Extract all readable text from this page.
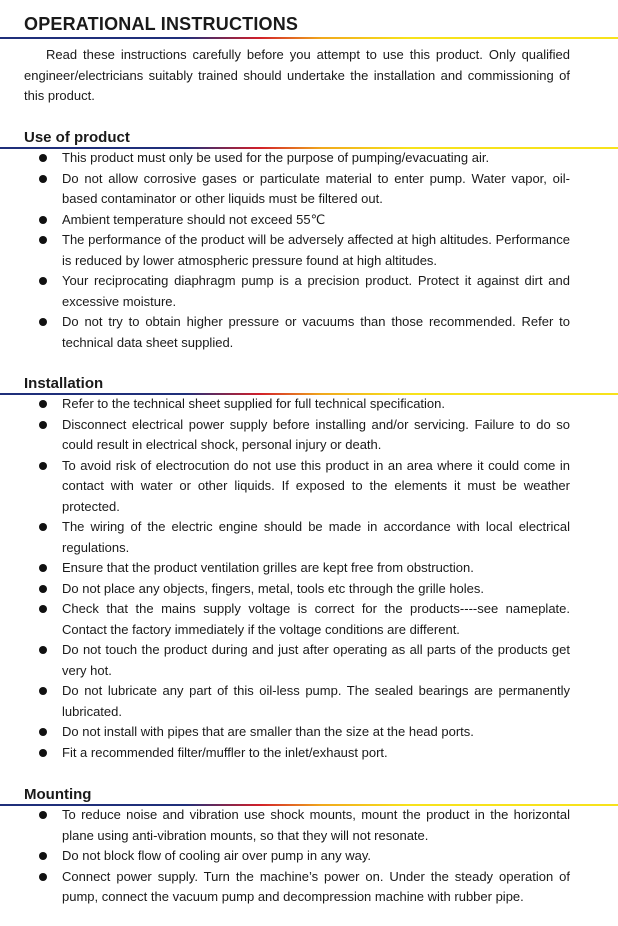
OPERATIONAL INSTRUCTIONS

Read these instructions carefully before you attempt to use this product. Only qualified engineer/electricians suitably trained should undertake the installation and commissioning of this product.

Use of product
This product must only be used for the purpose of pumping/evacuating air.
Do not allow corrosive gases or particulate material to enter pump. Water vapor, oil-based contaminator or other liquids must be filtered out.
Ambient temperature should not exceed 55℃
The performance of the product will be adversely affected at high altitudes. Performance is reduced by lower atmospheric pressure found at high altitudes.
Your reciprocating diaphragm pump is a precision product. Protect it against dirt and excessive moisture.
Do not try to obtain higher pressure or vacuums than those recommended. Refer to technical data sheet supplied.
Installation
Refer to the technical sheet supplied for full technical specification.
Disconnect electrical power supply before installing and/or servicing. Failure to do so could result in electrical shock, personal injury or death.
To avoid risk of electrocution do not use this product in an area where it could come in contact with water or other liquids. If exposed to the elements it must be weather protected.
The wiring of the electric engine should be made in accordance with local electrical regulations.
Ensure that the product ventilation grilles are kept free from obstruction.
Do not place any objects, fingers, metal, tools etc through the grille holes.
Check that the mains supply voltage is correct for the products----see nameplate. Contact the factory immediately if the voltage conditions are different.
Do not touch the product during and just after operating as all parts of the products get very hot.
Do not lubricate any part of this oil-less pump. The sealed bearings are permanently lubricated.
Do not install with pipes that are smaller than the size at the head ports.
Fit a recommended filter/muffler to the inlet/exhaust port.
Mounting
To reduce noise and vibration use shock mounts, mount the product in the horizontal plane using anti-vibration mounts, so that they will not resonate.
Do not block flow of cooling air over pump in any way.
Connect power supply. Turn the machine’s power on. Under the steady operation of pump, connect the vacuum pump and decompression machine with rubber pipe.
